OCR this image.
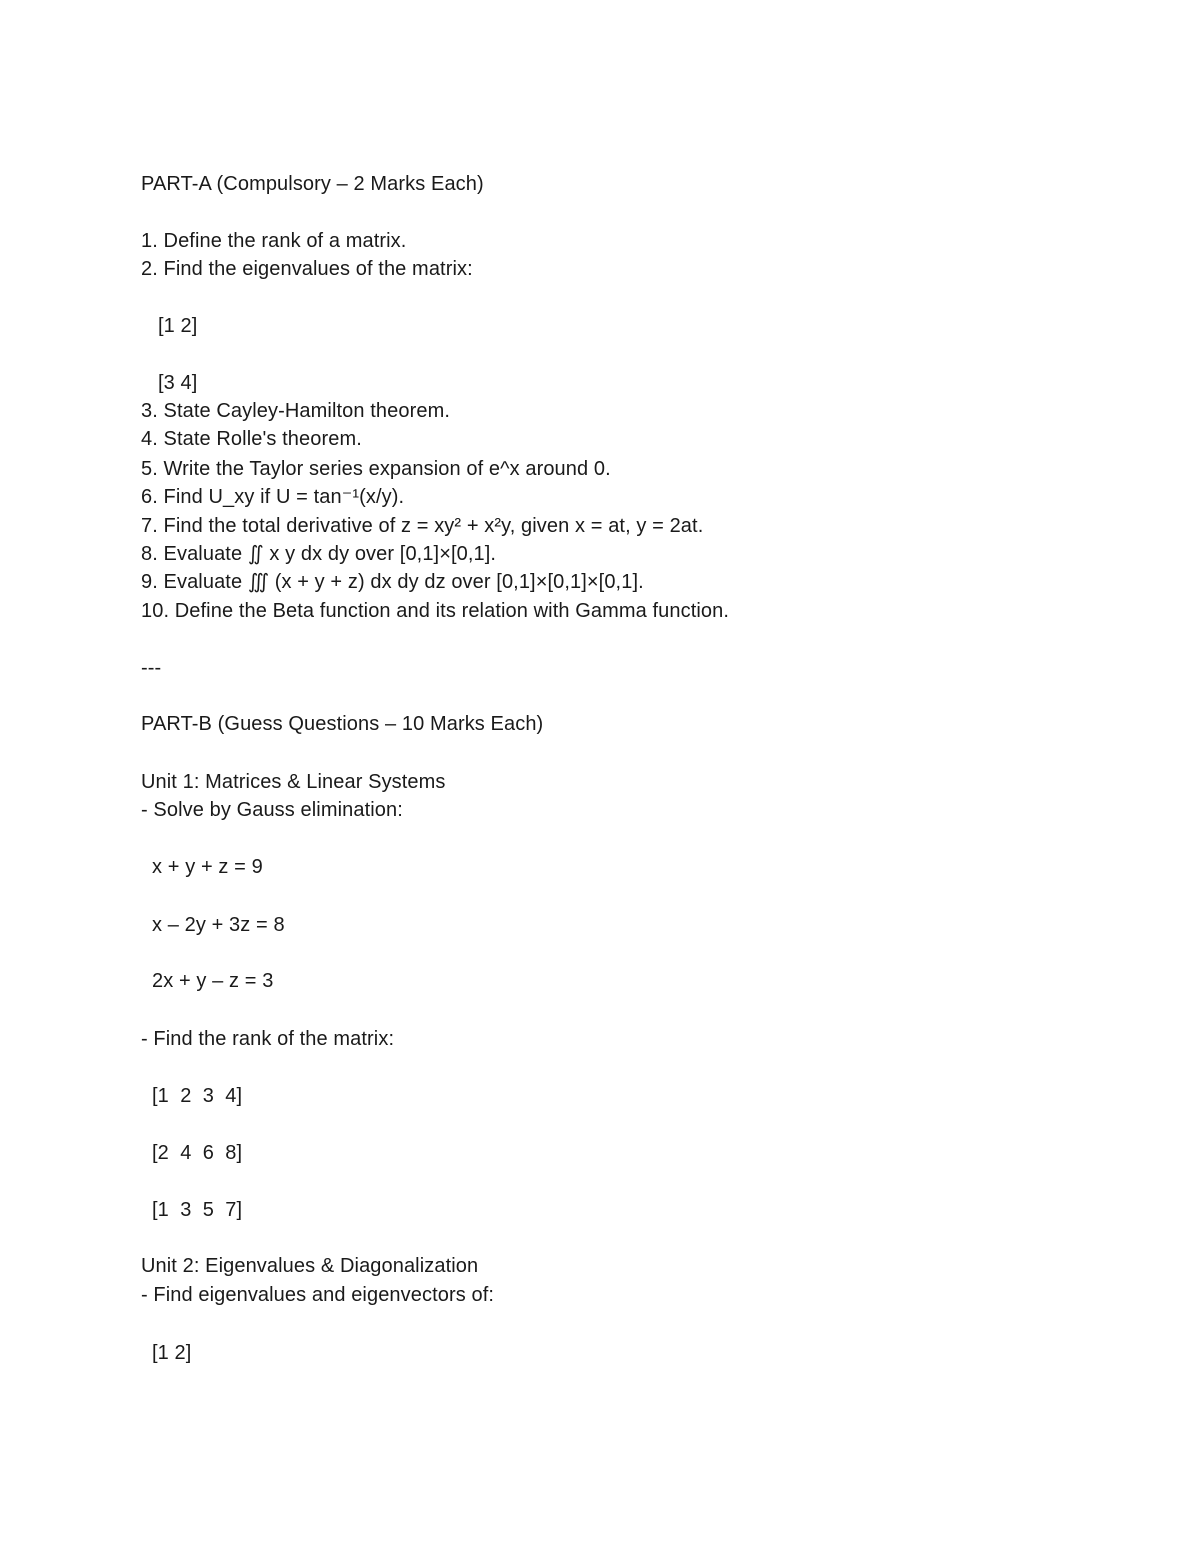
PART-A (Compulsory – 2 Marks Each)

1. Define the rank of a matrix.

2. Find the eigenvalues of the matrix:

[1 2]

[3 4]

3. State Cayley-Hamilton theorem.

4. State Rolle's theorem.

5. Write the Taylor series expansion of e^x around 0.

6. Find U_xy if U = tan⁻¹(x/y).

7. Find the total derivative of z = xy² + x²y, given x = at, y = 2at.

8. Evaluate ∬ x y dx dy over [0,1]×[0,1].

9. Evaluate ∭ (x + y + z) dx dy dz over [0,1]×[0,1]×[0,1].

10. Define the Beta function and its relation with Gamma function.

---

PART-B (Guess Questions – 10 Marks Each)

Unit 1: Matrices & Linear Systems

- Solve by Gauss elimination:

x + y + z = 9

x – 2y + 3z = 8

2x + y – z = 3

- Find the rank of the matrix:

[1  2  3  4]

[2  4  6  8]

[1  3  5  7]

Unit 2: Eigenvalues & Diagonalization

- Find eigenvalues and eigenvectors of:

[1 2]
